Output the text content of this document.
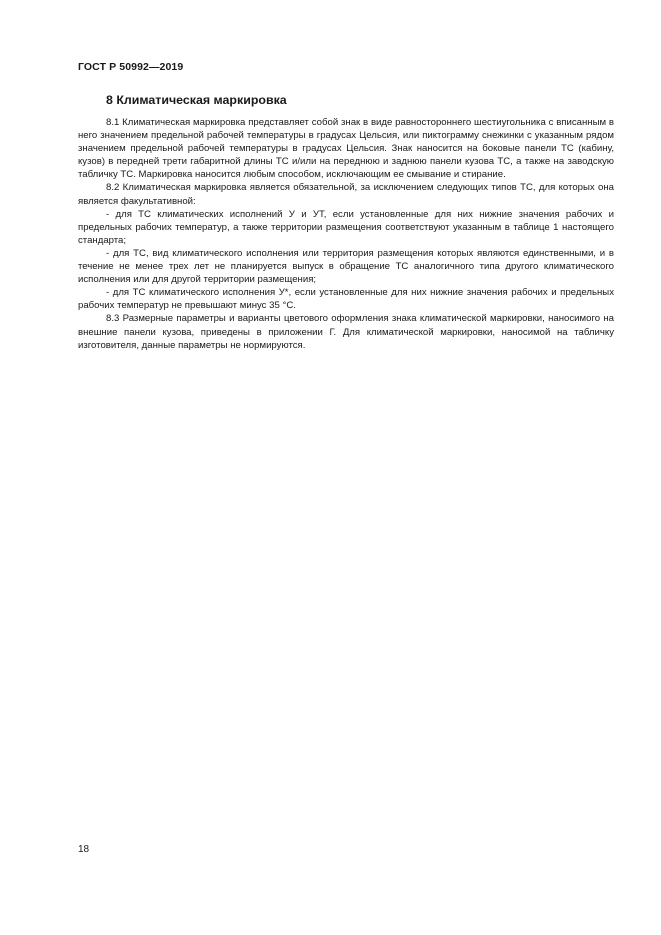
ГОСТ Р 50992—2019
8 Климатическая маркировка

8.1 Климатическая маркировка представляет собой знак в виде равностороннего шестиугольника с вписанным в него значением предельной рабочей температуры в градусах Цельсия, или пиктограмму снежинки с указанным рядом значением предельной рабочей температуры в градусах Цельсия. Знак наносится на боковые панели ТС (кабину, кузов) в передней трети габаритной длины ТС и/или на переднюю и заднюю панели кузова ТС, а также на заводскую табличку ТС. Маркировка наносится любым способом, исключающим ее смывание и стирание.

8.2 Климатическая маркировка является обязательной, за исключением следующих типов ТС, для которых она является факультативной:

- для ТС климатических исполнений У и УТ, если установленные для них нижние значения рабочих и предельных рабочих температур, а также территории размещения соответствуют указанным в таблице 1 настоящего стандарта;

- для ТС, вид климатического исполнения или территория размещения которых являются единственными, и в течение не менее трех лет не планируется выпуск в обращение ТС аналогичного типа другого климатического исполнения или для другой территории размещения;

- для ТС климатического исполнения У*, если установленные для них нижние значения рабочих и предельных рабочих температур не превышают минус 35 °С.

8.3 Размерные параметры и варианты цветового оформления знака климатической маркировки, наносимого на внешние панели кузова, приведены в приложении Г. Для климатической маркировки, наносимой на табличку изготовителя, данные параметры не нормируются.

18
